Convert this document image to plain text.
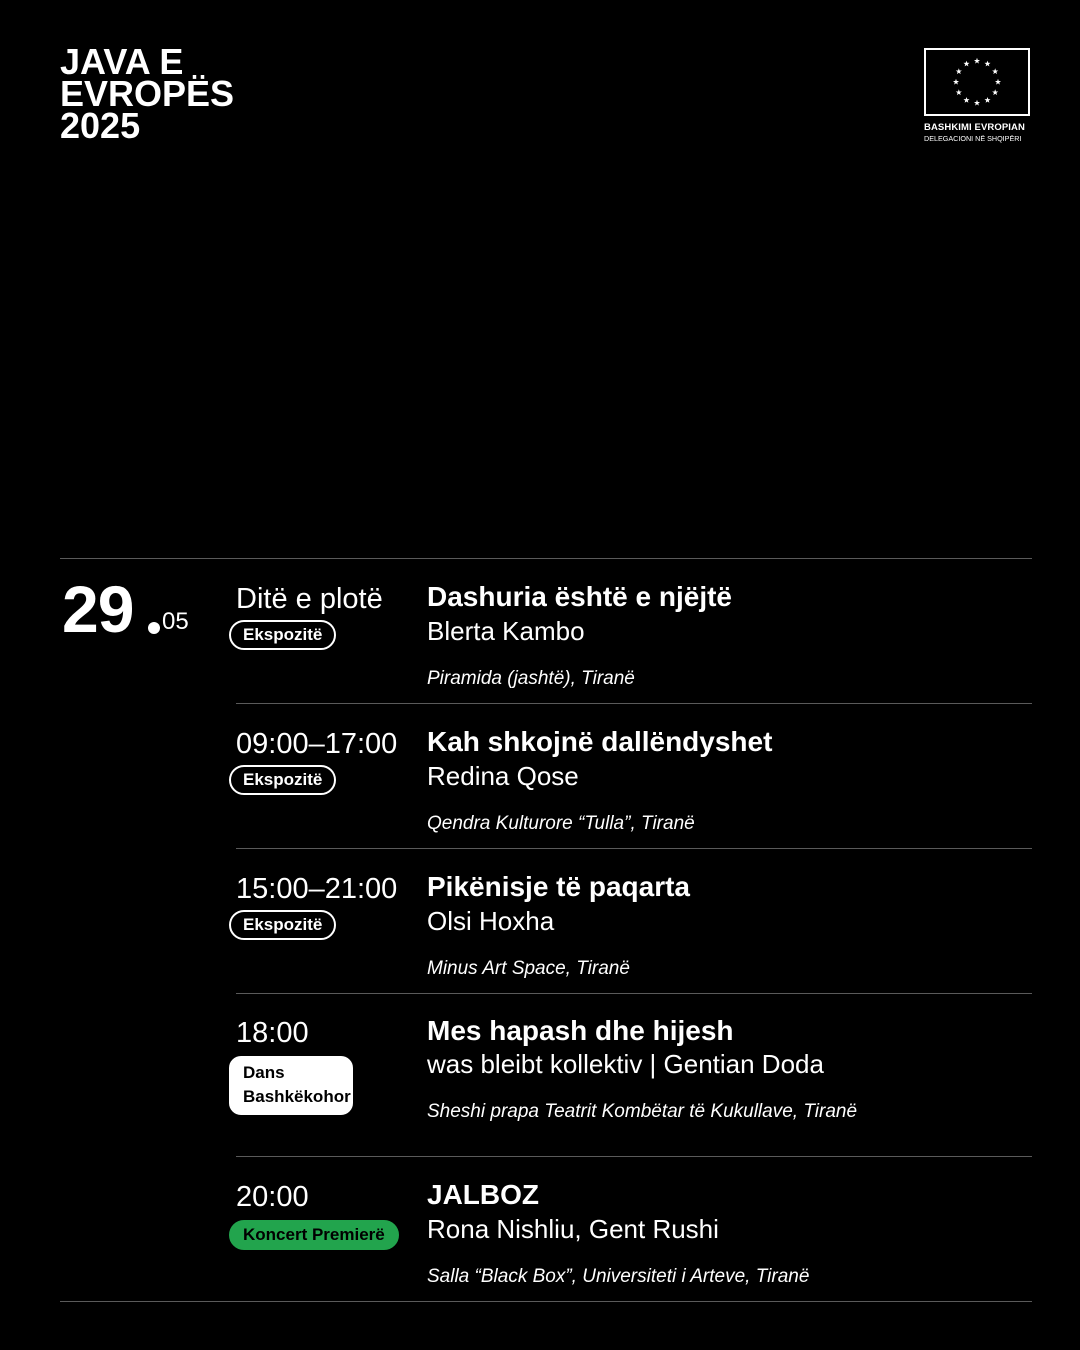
JAVA E
EVROPËS
2025	BASHKIMI EVROPIAN
DELEGACIONI NË SHQIPËRI
29 05
Ditë e plotë
Ekspozitë
Dashuria është e njëjtë
Blerta Kambo
Piramida (jashtë), Tiranë
09:00–17:00
Ekspozitë
Kah shkojnë dallëndyshet
Redina Qose
Qendra Kulturore “Tulla”, Tiranë
15:00–21:00
Ekspozitë
Pikënisje të paqarta
Olsi Hoxha
Minus Art Space, Tiranë
18:00
Dans Bashkëkohor
Mes hapash dhe hijesh
was bleibt kollektiv | Gentian Doda
Sheshi prapa Teatrit Kombëtar të Kukullave, Tiranë
20:00
Koncert Premierë
JALBOZ
Rona Nishliu, Gent Rushi
Salla “Black Box”, Universiteti i Arteve, Tiranë
